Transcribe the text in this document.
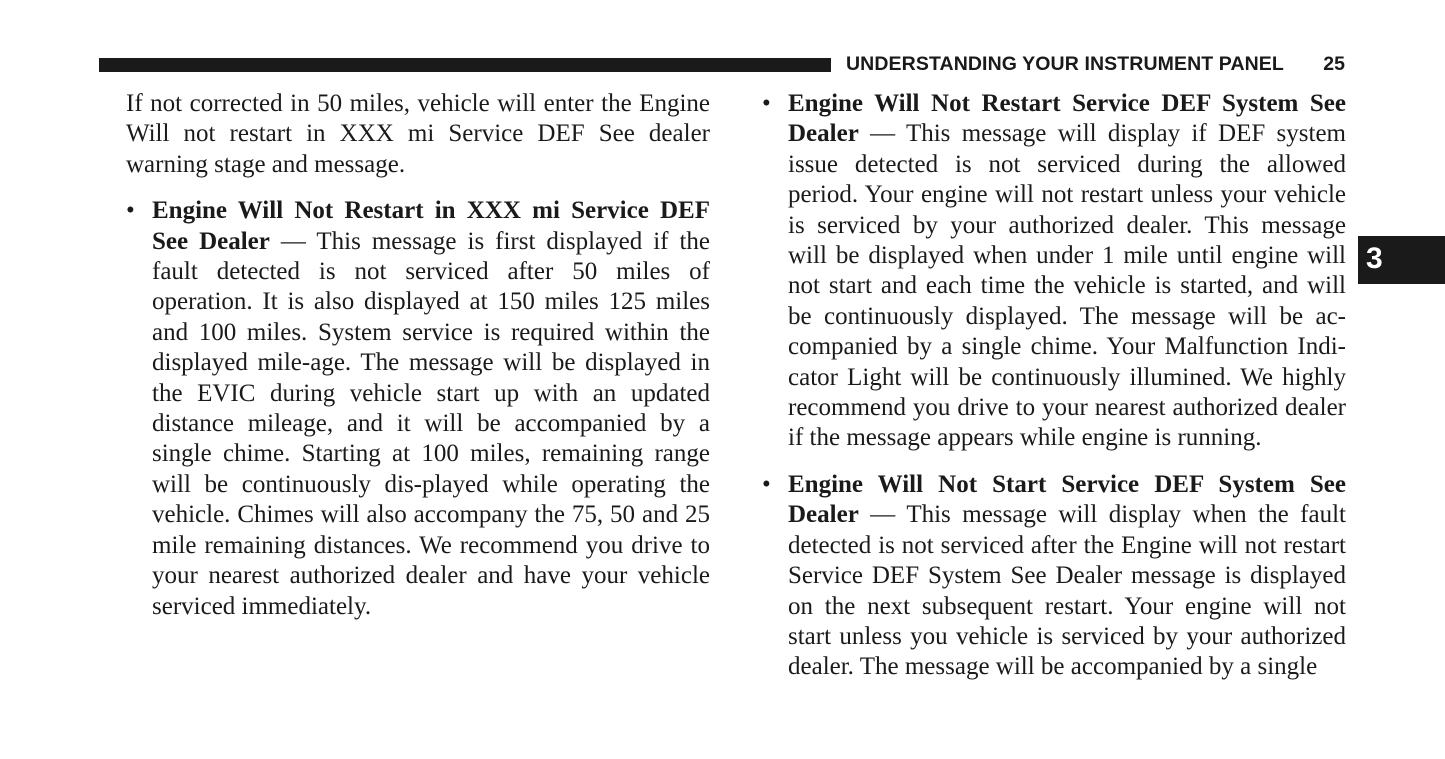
UNDERSTANDING YOUR INSTRUMENT PANEL 25
3

If not corrected in 50 miles, vehicle will enter the Engine Will not restart in XXX mi Service DEF See dealer warning stage and message.

• Engine Will Not Restart in XXX mi Service DEF See Dealer — This message is first displayed if the fault detected is not serviced after 50 miles of operation. It is also displayed at 150 miles 125 miles and 100 miles. System service is required within the displayed mile-age. The message will be displayed in the EVIC during vehicle start up with an updated distance mileage, and it will be accompanied by a single chime. Starting at 100 miles, remaining range will be continuously dis-played while operating the vehicle. Chimes will also accompany the 75, 50 and 25 mile remaining distances. We recommend you drive to your nearest authorized dealer and have your vehicle serviced immediately.

• Engine Will Not Restart Service DEF System See Dealer — This message will display if DEF system issue detected is not serviced during the allowed period. Your engine will not restart unless your vehicle is serviced by your authorized dealer. This message will be displayed when under 1 mile until engine will not start and each time the vehicle is started, and will be continuously displayed. The message will be ac-companied by a single chime. Your Malfunction Indi-cator Light will be continuously illumined. We highly recommend you drive to your nearest authorized dealer if the message appears while engine is running.

• Engine Will Not Start Service DEF System See Dealer — This message will display when the fault detected is not serviced after the Engine will not restart Service DEF System See Dealer message is displayed on the next subsequent restart. Your engine will not start unless you vehicle is serviced by your authorized dealer. The message will be accompanied by a single
